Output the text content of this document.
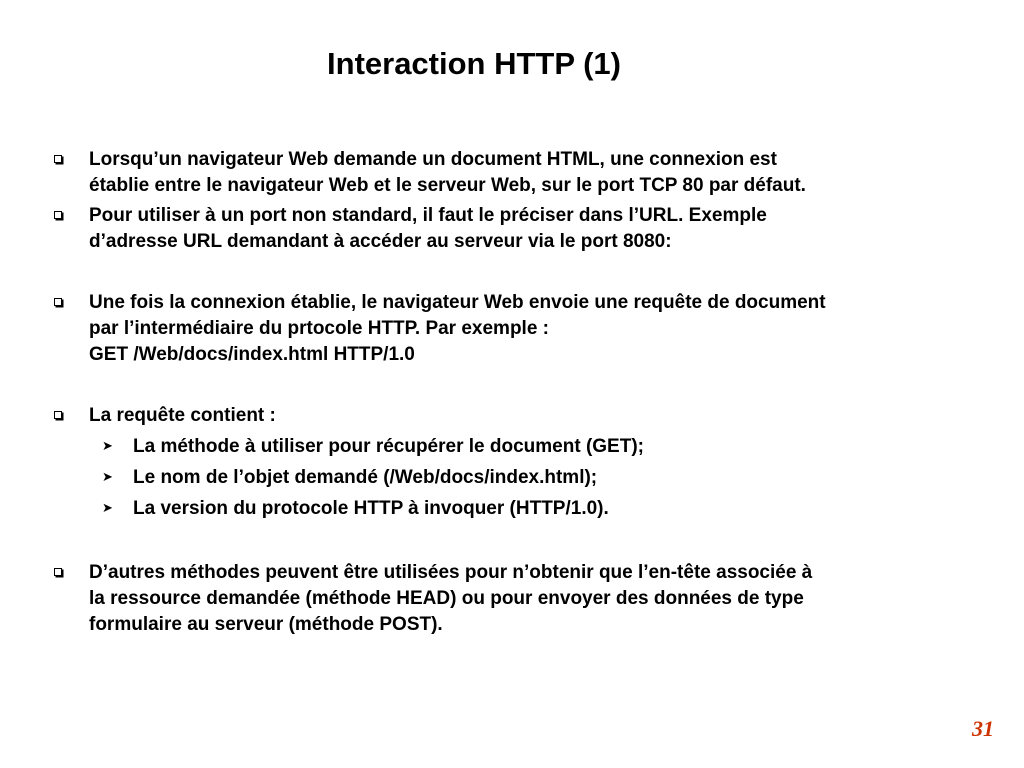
Interaction HTTP (1)
Lorsqu’un navigateur Web demande un document HTML, une connexion est
établie entre le navigateur Web et le serveur Web, sur le port TCP 80 par défaut.
Pour utiliser à un port non standard, il faut le préciser dans l’URL. Exemple
d’adresse URL demandant à accéder au serveur via le port 8080:
Une fois la connexion établie, le navigateur Web envoie une requête de document
par l’intermédiaire du prtocole HTTP. Par exemple :
GET /Web/docs/index.html HTTP/1.0
La requête contient :
➤ La méthode à utiliser pour récupérer le document (GET);
➤ Le nom de l’objet demandé (/Web/docs/index.html);
➤ La version du protocole HTTP à invoquer (HTTP/1.0).
D’autres méthodes peuvent être utilisées pour n’obtenir que l’en-tête associée à
la ressource demandée (méthode HEAD) ou pour envoyer des données de type
formulaire au serveur (méthode POST).
31
